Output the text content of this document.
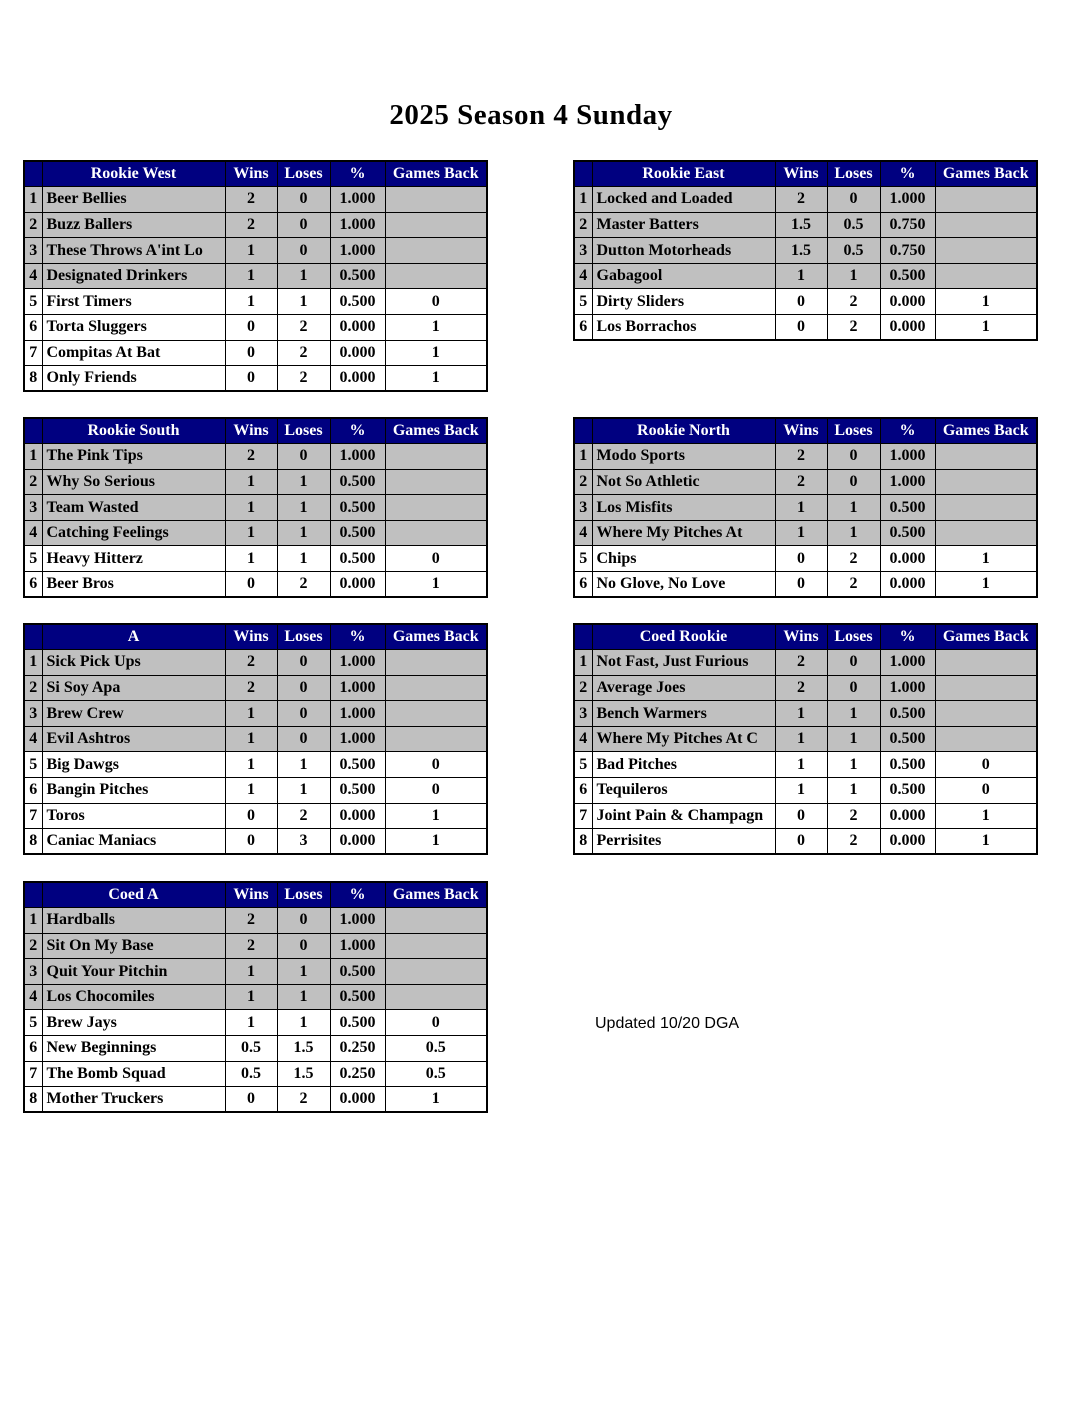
2025 Season 4 Sunday
Updated 10/20 DGA
	Rookie West	Wins	Loses	%	Games Back
1	Beer Bellies	2	0	1.000	
2	Buzz Ballers	2	0	1.000	
3	These Throws A'int Lo	1	0	1.000	
4	Designated Drinkers	1	1	0.500	
5	First Timers	1	1	0.500	0
6	Torta Sluggers	0	2	0.000	1
7	Compitas At Bat	0	2	0.000	1
8	Only Friends	0	2	0.000	1
	Rookie East	Wins	Loses	%	Games Back
1	Locked and Loaded	2	0	1.000	
2	Master Batters	1.5	0.5	0.750	
3	Dutton Motorheads	1.5	0.5	0.750	
4	Gabagool	1	1	0.500	
5	Dirty Sliders	0	2	0.000	1
6	Los Borrachos	0	2	0.000	1
	Rookie South	Wins	Loses	%	Games Back
1	The Pink Tips	2	0	1.000	
2	Why So Serious	1	1	0.500	
3	Team Wasted	1	1	0.500	
4	Catching Feelings	1	1	0.500	
5	Heavy Hitterz	1	1	0.500	0
6	Beer Bros	0	2	0.000	1
	Rookie North	Wins	Loses	%	Games Back
1	Modo Sports	2	0	1.000	
2	Not So Athletic	2	0	1.000	
3	Los Misfits	1	1	0.500	
4	Where My Pitches At	1	1	0.500	
5	Chips	0	2	0.000	1
6	No Glove, No Love	0	2	0.000	1
	A	Wins	Loses	%	Games Back
1	Sick Pick Ups	2	0	1.000	
2	Si Soy Apa	2	0	1.000	
3	Brew Crew	1	0	1.000	
4	Evil Ashtros	1	0	1.000	
5	Big Dawgs	1	1	0.500	0
6	Bangin Pitches	1	1	0.500	0
7	Toros	0	2	0.000	1
8	Caniac Maniacs	0	3	0.000	1
	Coed Rookie	Wins	Loses	%	Games Back
1	Not Fast, Just Furious	2	0	1.000	
2	Average Joes	2	0	1.000	
3	Bench Warmers	1	1	0.500	
4	Where My Pitches At C	1	1	0.500	
5	Bad Pitches	1	1	0.500	0
6	Tequileros	1	1	0.500	0
7	Joint Pain & Champagn	0	2	0.000	1
8	Perrisites	0	2	0.000	1
	Coed A	Wins	Loses	%	Games Back
1	Hardballs	2	0	1.000	
2	Sit On My Base	2	0	1.000	
3	Quit Your Pitchin	1	1	0.500	
4	Los Chocomiles	1	1	0.500	
5	Brew Jays	1	1	0.500	0
6	New Beginnings	0.5	1.5	0.250	0.5
7	The Bomb Squad	0.5	1.5	0.250	0.5
8	Mother Truckers	0	2	0.000	1
